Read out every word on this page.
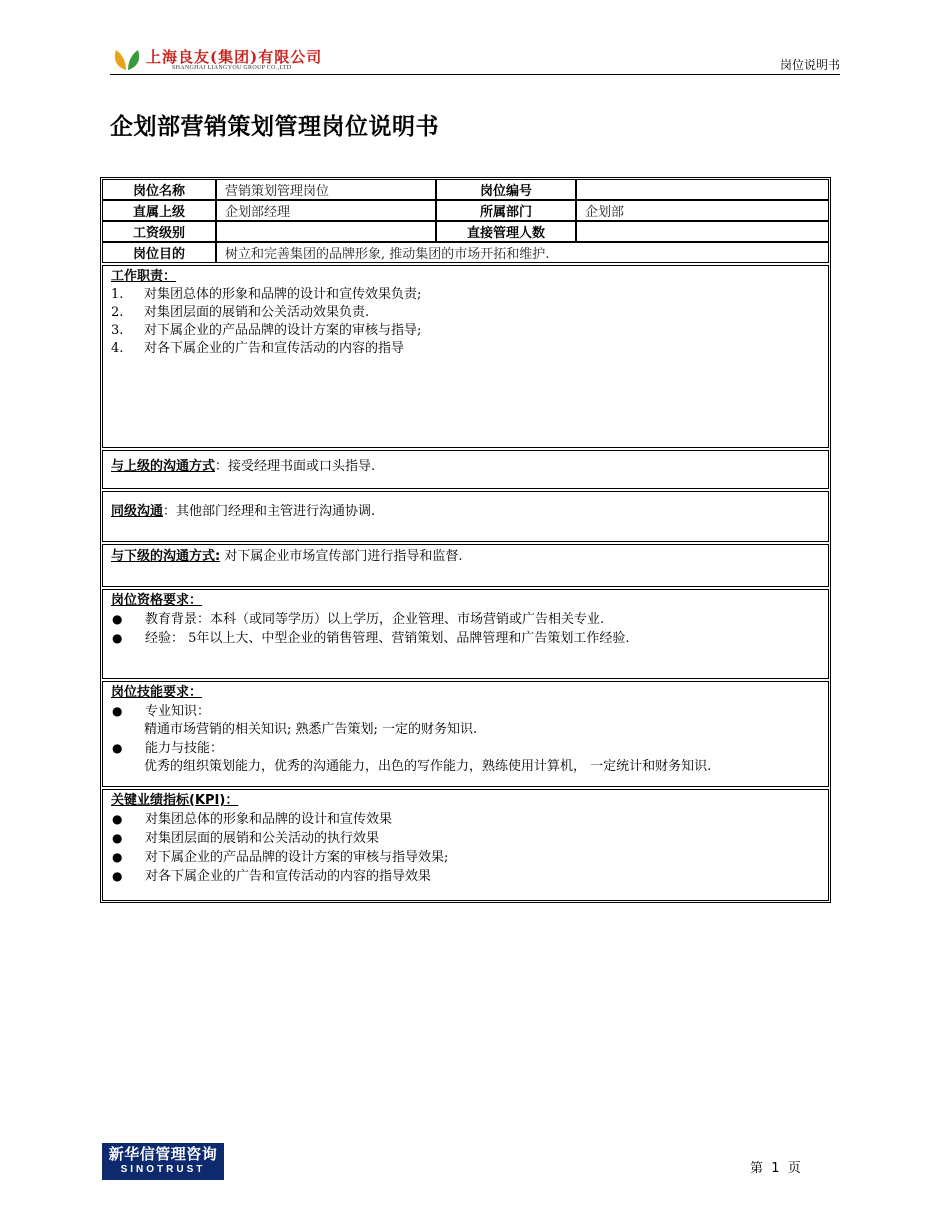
上海良友(集团)有限公司
SHANGHAI LIANGYOU GROUP CO.,LTD	岗位说明书
企划部营销策划管理岗位说明书
岗位名称	营销策划管理岗位	岗位编号	
直属上级	企划部经理	所属部门	企划部
工资级别		直接管理人数	
岗位目的	树立和完善集团的品牌形象, 推动集团的市场开拓和维护.		
工作职责：
1. 对集团总体的形象和品牌的设计和宣传效果负责;
2. 对集团层面的展销和公关活动效果负责.
3. 对下属企业的产品品牌的设计方案的审核与指导;
4. 对各下属企业的广告和宣传活动的内容的指导
与上级的沟通方式：接受经理书面或口头指导.
同级沟通：其他部门经理和主管进行沟通协调.
与下级的沟通方式: 对下属企业市场宣传部门进行指导和监督.
岗位资格要求：
● 教育背景：本科（或同等学历）以上学历，企业管理、市场营销或广告相关专业.
● 经验： 5年以上大、中型企业的销售管理、营销策划、品牌管理和广告策划工作经验.
岗位技能要求：
● 专业知识：
精通市场营销的相关知识; 熟悉广告策划; 一定的财务知识.
● 能力与技能：
优秀的组织策划能力，优秀的沟通能力，出色的写作能力，熟练使用计算机， 一定统计和财务知识.
关键业绩指标(KPI)：
● 对集团总体的形象和品牌的设计和宣传效果
● 对集团层面的展销和公关活动的执行效果
● 对下属企业的产品品牌的设计方案的审核与指导效果;
● 对各下属企业的广告和宣传活动的内容的指导效果
新华信管理咨询
SINOTRUST	第 1 页
